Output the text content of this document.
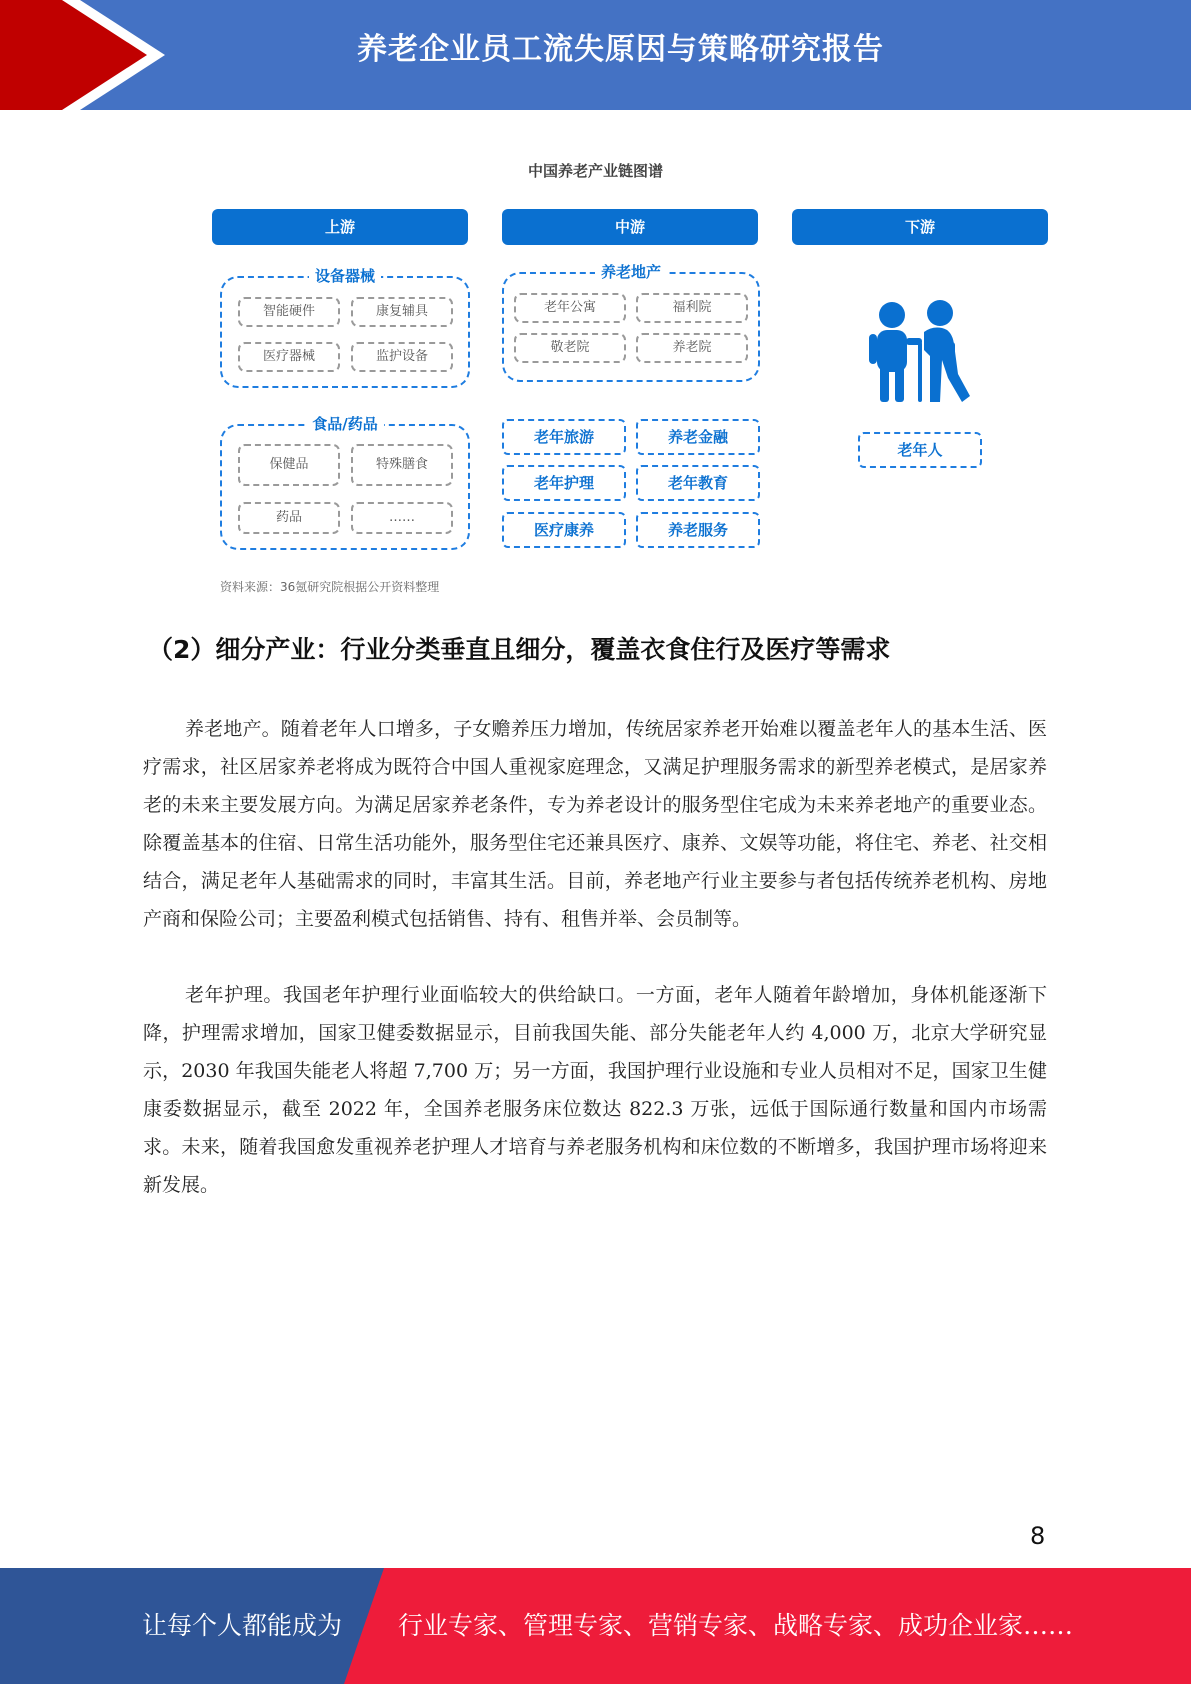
养老企业员工流失原因与策略研究报告
中国养老产业链图谱
上游	中游	下游
设备器械
智能硬件	康复辅具
医疗器械	监护设备
食品/药品
保健品	特殊膳食
药品	……
养老地产
老年公寓	福利院
敬老院	养老院
老年旅游	养老金融
老年护理	老年教育
医疗康养	养老服务
老年人
资料来源：36氪研究院根据公开资料整理
（2）细分产业：行业分类垂直且细分，覆盖衣食住行及医疗等需求

养老地产。随着老年人口增多，子女赡养压力增加，传统居家养老开始难以覆盖老年人的基本生活、医疗需求，社区居家养老将成为既符合中国人重视家庭理念，又满足护理服务需求的新型养老模式，是居家养老的未来主要发展方向。为满足居家养老条件，专为养老设计的服务型住宅成为未来养老地产的重要业态。除覆盖基本的住宿、日常生活功能外，服务型住宅还兼具医疗、康养、文娱等功能，将住宅、养老、社交相结合，满足老年人基础需求的同时，丰富其生活。目前，养老地产行业主要参与者包括传统养老机构、房地产商和保险公司；主要盈利模式包括销售、持有、租售并举、会员制等。

老年护理。我国老年护理行业面临较大的供给缺口。一方面，老年人随着年龄增加，身体机能逐渐下降，护理需求增加，国家卫健委数据显示，目前我国失能、部分失能老年人约 4,000 万，北京大学研究显示，2030 年我国失能老人将超 7,700 万；另一方面，我国护理行业设施和专业人员相对不足，国家卫生健康委数据显示，截至 2022 年，全国养老服务床位数达 822.3 万张，远低于国际通行数量和国内市场需求。未来，随着我国愈发重视养老护理人才培育与养老服务机构和床位数的不断增多，我国护理市场将迎来新发展。

8
让每个人都能成为 行业专家、管理专家、营销专家、战略专家、成功企业家……
